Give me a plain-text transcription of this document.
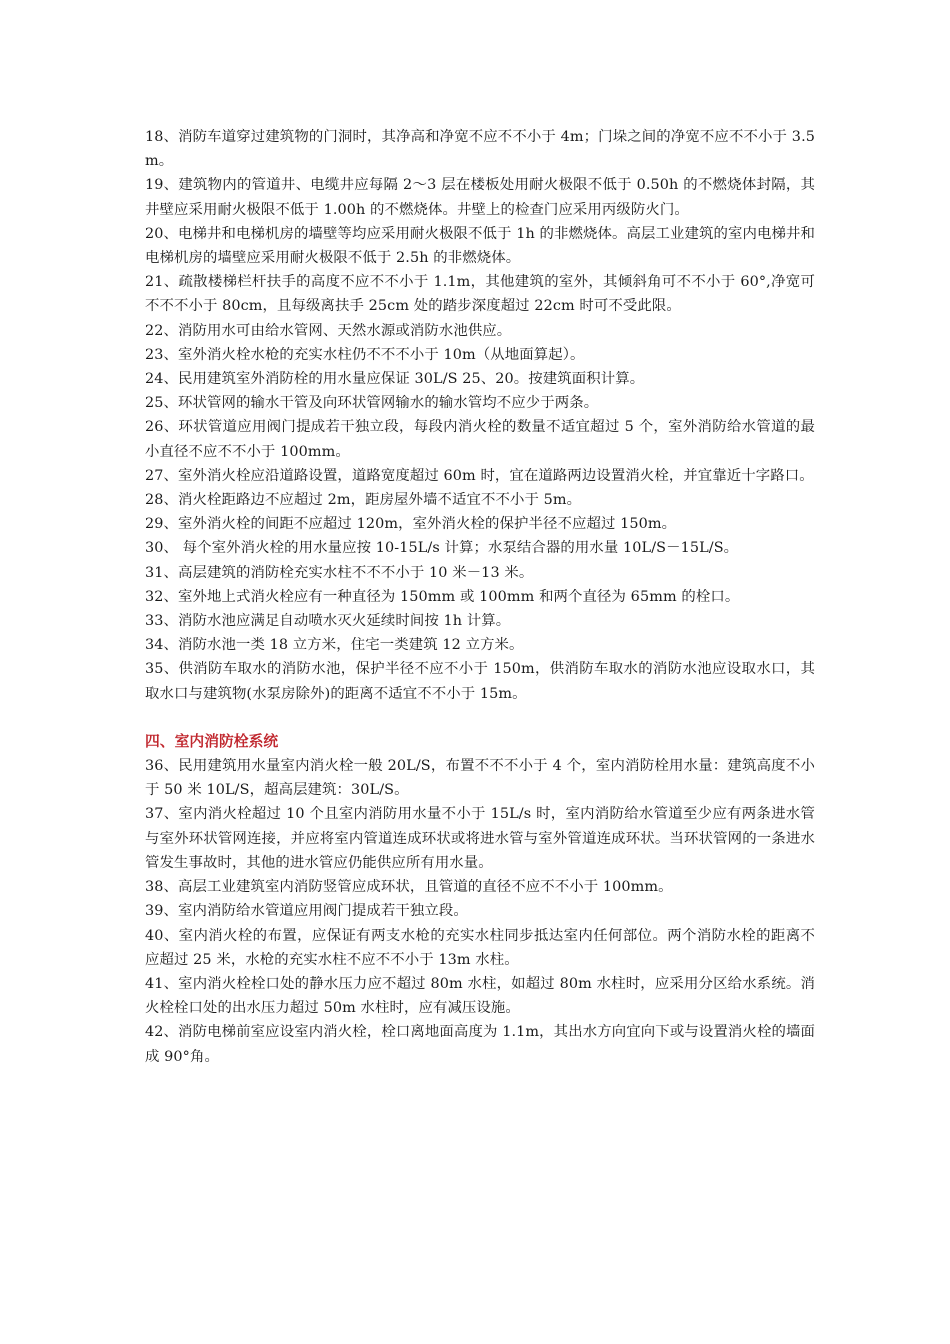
18、消防车道穿过建筑物的门洞时，其净高和净宽不应不不小于 4m；门垛之间的净宽不应不不小于 3.5m。

19、建筑物内的管道井、电缆井应每隔 2～3 层在楼板处用耐火极限不低于 0.50h 的不燃烧体封隔，其井壁应采用耐火极限不低于 1.00h 的不燃烧体。井壁上的检查门应采用丙级防火门。

20、电梯井和电梯机房的墙壁等均应采用耐火极限不低于 1h 的非燃烧体。高层工业建筑的室内电梯井和电梯机房的墙壁应采用耐火极限不低于 2.5h 的非燃烧体。

21、疏散楼梯栏杆扶手的高度不应不不小于 1.1m，其他建筑的室外，其倾斜角可不不小于 60°,净宽可不不不小于 80cm，且每级离扶手 25cm 处的踏步深度超过 22cm 时可不受此限。

22、消防用水可由给水管网、天然水源或消防水池供应。

23、室外消火栓水枪的充实水柱仍不不不小于 10m（从地面算起）。

24、民用建筑室外消防栓的用水量应保证 30L/S 25、20。按建筑面积计算。

25、环状管网的输水干管及向环状管网输水的输水管均不应少于两条。

26、环状管道应用阀门提成若干独立段，每段内消火栓的数量不适宜超过 5 个，室外消防给水管道的最小直径不应不不小于 100mm。

27、室外消火栓应沿道路设置，道路宽度超过 60m 时，宜在道路两边设置消火栓，并宜靠近十字路口。

28、消火栓距路边不应超过 2m，距房屋外墙不适宜不不小于 5m。

29、室外消火栓的间距不应超过 120m，室外消火栓的保护半径不应超过 150m。

30、 每个室外消火栓的用水量应按 10-15L/s 计算；水泵结合器的用水量 10L/S－15L/S。

31、高层建筑的消防栓充实水柱不不不小于 10 米－13 米。

32、室外地上式消火栓应有一种直径为 150mm 或 100mm 和两个直径为 65mm 的栓口。

33、消防水池应满足自动喷水灭火延续时间按 1h 计算。

34、消防水池一类 18 立方米，住宅一类建筑 12 立方米。

35、供消防车取水的消防水池，保护半径不应不小于 150m，供消防车取水的消防水池应设取水口，其取水口与建筑物(水泵房除外)的距离不适宜不不小于 15m。

四、室内消防栓系统

36、民用建筑用水量室内消火栓一般 20L/S，布置不不不小于 4 个，室内消防栓用水量：建筑高度不小于 50 米 10L/S，超高层建筑：30L/S。

37、室内消火栓超过 10 个且室内消防用水量不小于 15L/s 时，室内消防给水管道至少应有两条进水管与室外环状管网连接，并应将室内管道连成环状或将进水管与室外管道连成环状。当环状管网的一条进水管发生事故时，其他的进水管应仍能供应所有用水量。

38、高层工业建筑室内消防竖管应成环状，且管道的直径不应不不小于 100mm。

39、室内消防给水管道应用阀门提成若干独立段。

40、室内消火栓的布置，应保证有两支水枪的充实水柱同步抵达室内任何部位。两个消防水栓的距离不应超过 25 米，水枪的充实水柱不应不不小于 13m 水柱。

41、室内消火栓栓口处的静水压力应不超过 80m 水柱，如超过 80m 水柱时，应采用分区给水系统。消火栓栓口处的出水压力超过 50m 水柱时，应有减压设施。

42、消防电梯前室应设室内消火栓，栓口离地面高度为 1.1m，其出水方向宜向下或与设置消火栓的墙面成 90°角。
